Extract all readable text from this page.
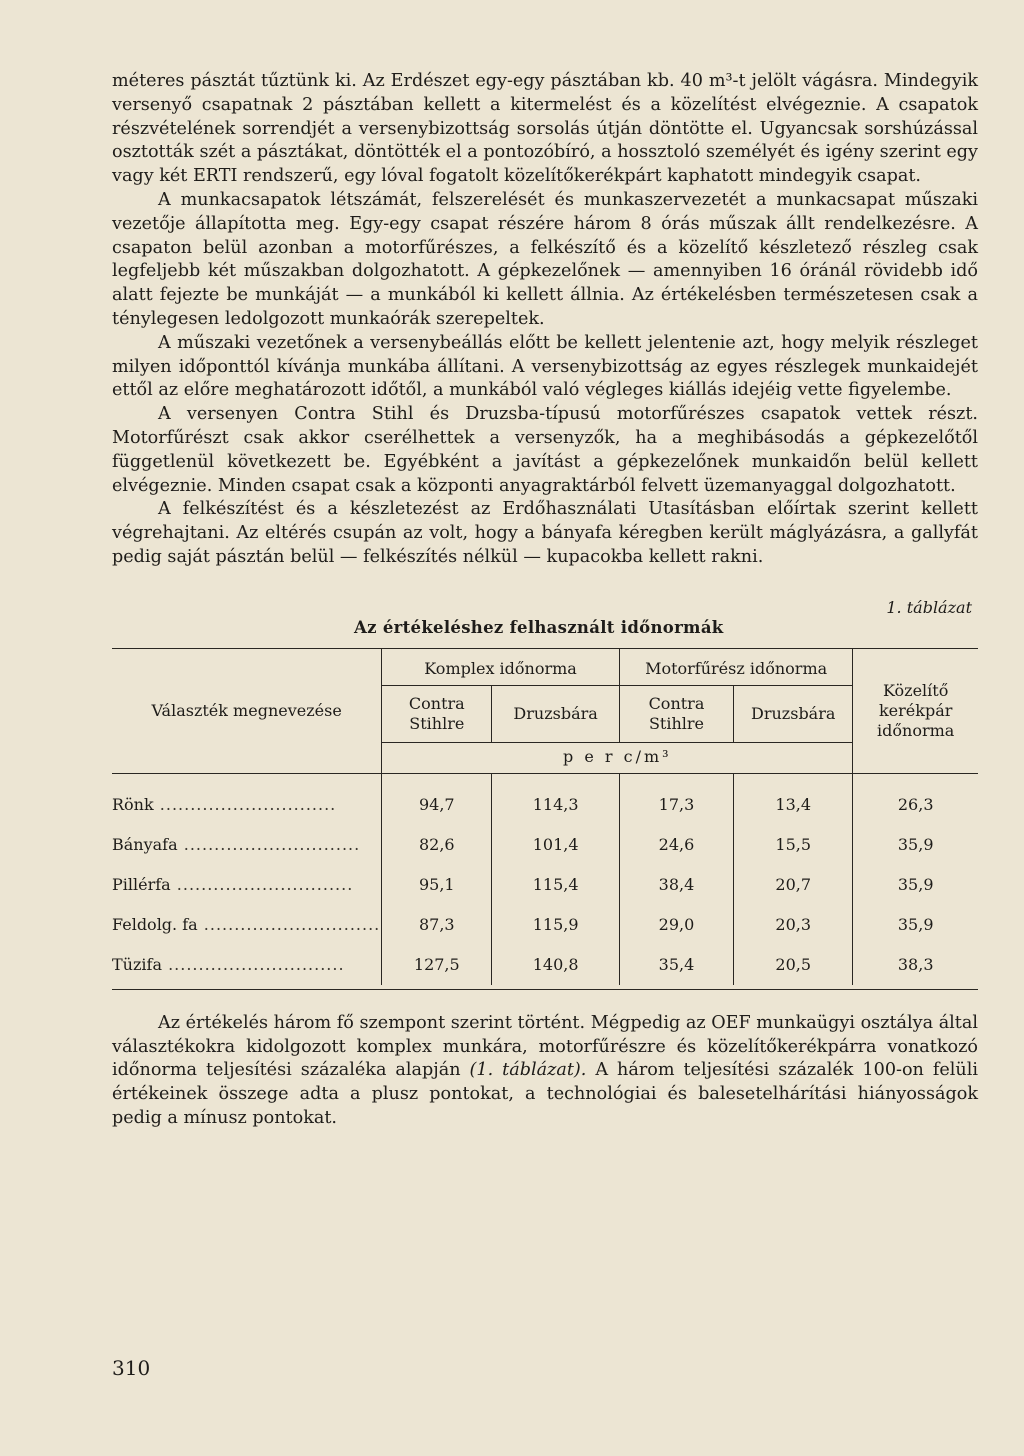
méteres pásztát tűztünk ki. Az Erdészet egy-egy pásztában kb. 40 m³-t jelölt vágásra. Mindegyik versenyő csapatnak 2 pásztában kellett a kitermelést és a közelítést elvégeznie. A csapatok részvételének sorrendjét a versenybizottság sorsolás útján döntötte el. Ugyancsak sorshúzással osztották szét a pásztákat, döntötték el a pontozóbíró, a hossztoló személyét és igény szerint egy vagy két ERTI rendszerű, egy lóval fogatolt közelítőkerékpárt kaphatott mindegyik csapat.

A munkacsapatok létszámát, felszerelését és munkaszervezetét a munkacsapat műszaki vezetője állapította meg. Egy-egy csapat részére három 8 órás műszak állt rendelkezésre. A csapaton belül azonban a motorfűrészes, a felkészítő és a közelítő készletező részleg csak legfeljebb két műszakban dolgozhatott. A gépkezelőnek — amennyiben 16 óránál rövidebb idő alatt fejezte be munkáját — a munkából ki kellett állnia. Az értékelésben természetesen csak a ténylegesen ledolgozott munkaórák szerepeltek.

A műszaki vezetőnek a versenybeállás előtt be kellett jelentenie azt, hogy melyik részleget milyen időponttól kívánja munkába állítani. A versenybizottság az egyes részlegek munkaidejét ettől az előre meghatározott időtől, a munkából való végleges kiállás idejéig vette figyelembe.

A versenyen Contra Stihl és Druzsba-típusú motorfűrészes csapatok vettek részt. Motorfűrészt csak akkor cserélhettek a versenyzők, ha a meghibásodás a gépkezelőtől függetlenül következett be. Egyébként a javítást a gépkezelőnek munkaidőn belül kellett elvégeznie. Minden csapat csak a központi anyagraktárból felvett üzemanyaggal dolgozhatott.

A felkészítést és a készletezést az Erdőhasználati Utasításban előírtak szerint kellett végrehajtani. Az eltérés csupán az volt, hogy a bányafa kéregben került máglyázásra, a gallyfát pedig saját pásztán belül — felkészítés nélkül — kupacokba kellett rakni.

1. táblázat
Az értékeléshez felhasznált időnormák
Választék megnevezése	Komplex időnorma		Motorfűrész időnorma		Közelítő kerékpár időnorma
	Contra Stihlre	Druzsbára	Contra Stihlre	Druzsbára	
	p e r c/m³				

Rönk .............................	94,7	114,3	17,3	13,4	26,3
Bányafa .............................	82,6	101,4	24,6	15,5	35,9
Pillérfa .............................	95,1	115,4	38,4	20,7	35,9
Feldolg. fa .............................	87,3	115,9	29,0	20,3	35,9
Tüzifa .............................	127,5	140,8	35,4	20,5	38,3

Az értékelés három fő szempont szerint történt. Mégpedig az OEF munkaügyi osztálya által választékokra kidolgozott komplex munkára, motorfűrészre és közelítőkerékpárra vonatkozó időnorma teljesítési százaléka alapján (1. táblázat). A három teljesítési százalék 100-on felüli értékeinek összege adta a plusz pontokat, a technológiai és balesetelhárítási hiányosságok pedig a mínusz pontokat.

310
